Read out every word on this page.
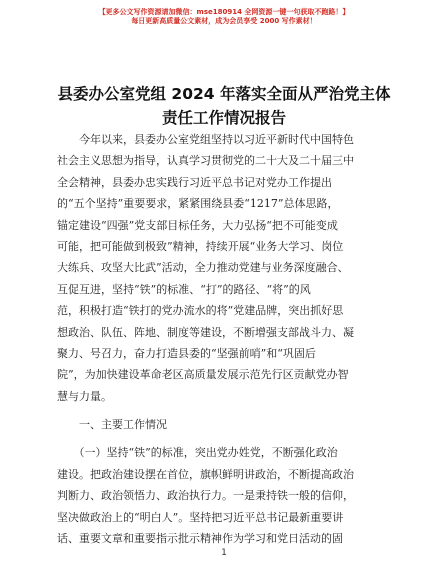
【更多公文写作资源请加微信：mse180914 全网资源一键一句获取不跑路！】
每日更新高质量公文素材，成为会员享受 2000 写作素材！
县委办公室党组 2024 年落实全面从严治党主体
责任工作情况报告
　　今年以来，县委办公室党组坚持以习近平新时代中国特色
社会主义思想为指导，认真学习贯彻党的二十大及二十届三中
全会精神，县委办忠实践行习近平总书记对党办工作提出
的“五个坚持”重要要求，紧紧围绕县委“1217”总体思路，
锚定建设“四强”党支部目标任务，大力弘扬“把不可能变成
可能，把可能做到极致”精神，持续开展“业务大学习、岗位
大练兵、攻坚大比武”活动，全力推动党建与业务深度融合、
互促互进，坚持“铁”的标准、“打”的路径、“将”的风
范，积极打造“铁打的党办流水的将”党建品牌，突出抓好思
想政治、队伍、阵地、制度等建设，不断增强支部战斗力、凝
聚力、号召力，奋力打造县委的“坚强前哨”和“巩固后
院”，为加快建设革命老区高质量发展示范先行区贡献党办智
慧与力量。
　　一、主要工作情况
　　（一）坚持“铁”的标准，突出党办姓党，不断强化政治
建设。把政治建设摆在首位，旗帜鲜明讲政治，不断提高政治
判断力、政治领悟力、政治执行力。一是秉持铁一般的信仰，
坚决做政治上的“明白人”。坚持把习近平总书记最新重要讲
话、重要文章和重要指示批示精神作为学习和党日活动的固
1
